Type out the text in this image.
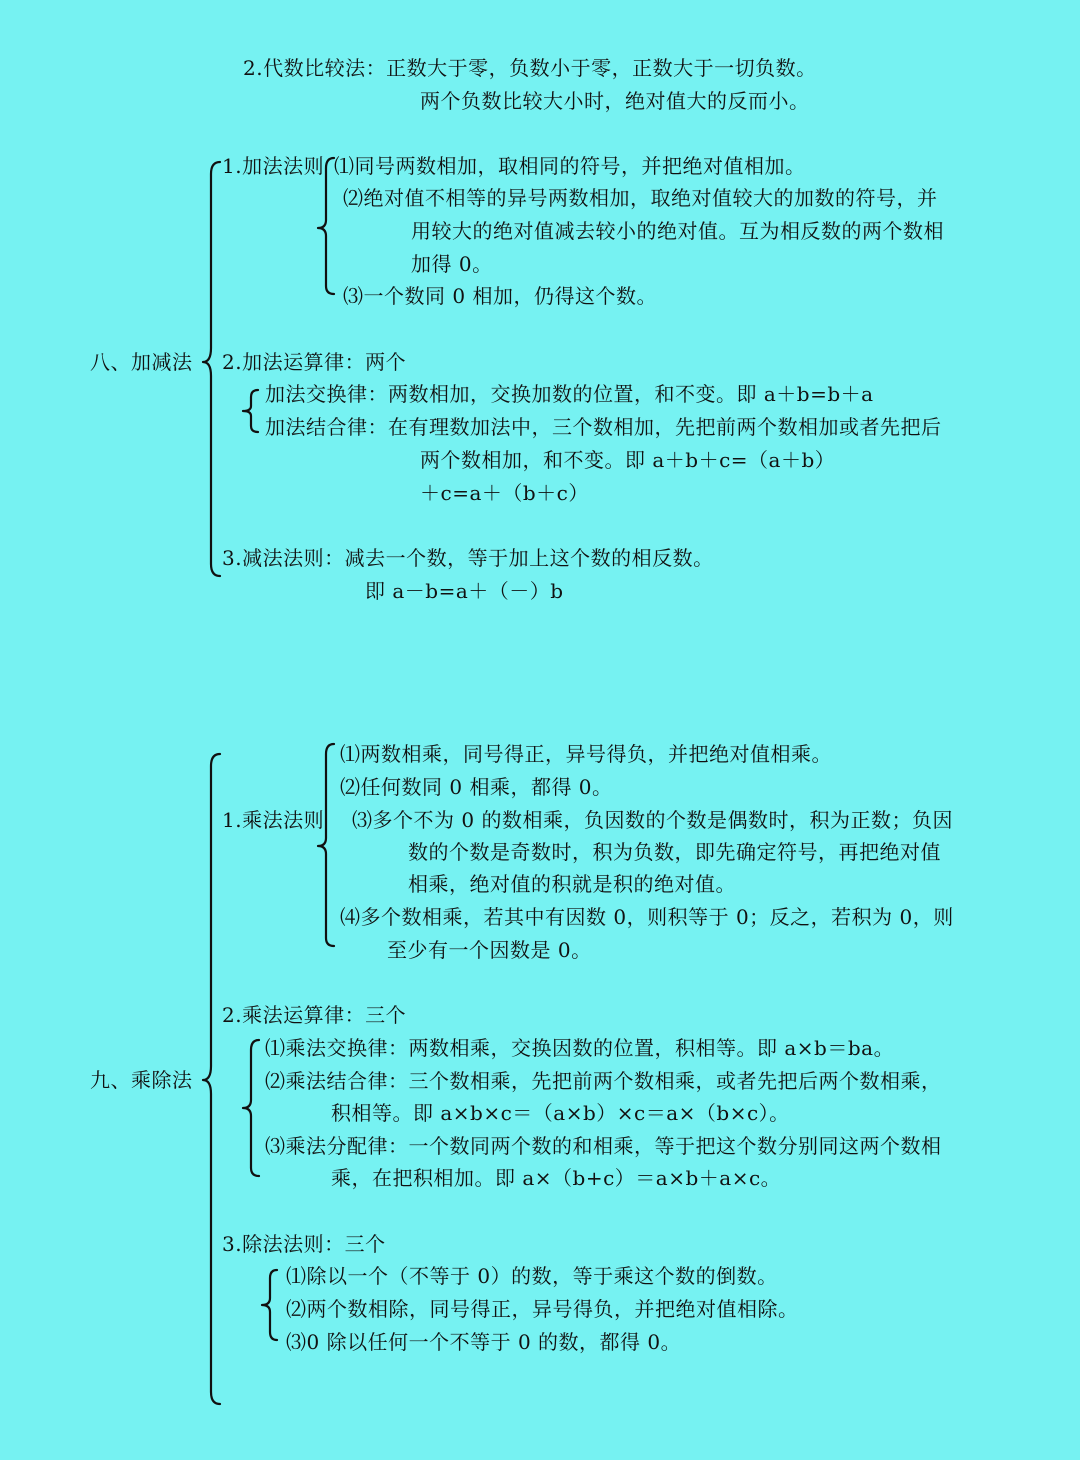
2.代数比较法：正数大于零，负数小于零，正数大于一切负数。
两个负数比较大小时，绝对值大的反而小。
八、加减法
1.加法法则 ⑴同号两数相加，取相同的符号，并把绝对值相加。
⑵绝对值不相等的异号两数相加，取绝对值较大的加数的符号，并
用较大的绝对值减去较小的绝对值。互为相反数的两个数相
加得 0。
⑶一个数同 0 相加，仍得这个数。
2.加法运算律：两个
加法交换律：两数相加，交换加数的位置，和不变。即 a＋b=b＋a
加法结合律：在有理数加法中，三个数相加，先把前两个数相加或者先把后
两个数相加，和不变。即 a＋b＋c=（a＋b）
＋c=a＋（b＋c）
3.减法法则：减去一个数，等于加上这个数的相反数。
即 a－b=a＋（－）b
九、乘除法
1.乘法法则
⑴两数相乘，同号得正，异号得负，并把绝对值相乘。
⑵任何数同 0 相乘，都得 0。
⑶多个不为 0 的数相乘，负因数的个数是偶数时，积为正数；负因
数的个数是奇数时，积为负数，即先确定符号，再把绝对值
相乘，绝对值的积就是积的绝对值。
⑷多个数相乘，若其中有因数 0，则积等于 0；反之，若积为 0，则
至少有一个因数是 0。
2.乘法运算律：三个
⑴乘法交换律：两数相乘，交换因数的位置，积相等。即 a×b＝ba。
⑵乘法结合律：三个数相乘，先把前两个数相乘，或者先把后两个数相乘，
积相等。即 a×b×c＝（a×b）×c＝a×（b×c）。
⑶乘法分配律：一个数同两个数的和相乘，等于把这个数分别同这两个数相
乘，在把积相加。即 a×（b+c）＝a×b＋a×c。
3.除法法则：三个
⑴除以一个（不等于 0）的数，等于乘这个数的倒数。
⑵两个数相除，同号得正，异号得负，并把绝对值相除。
⑶0 除以任何一个不等于 0 的数，都得 0。
